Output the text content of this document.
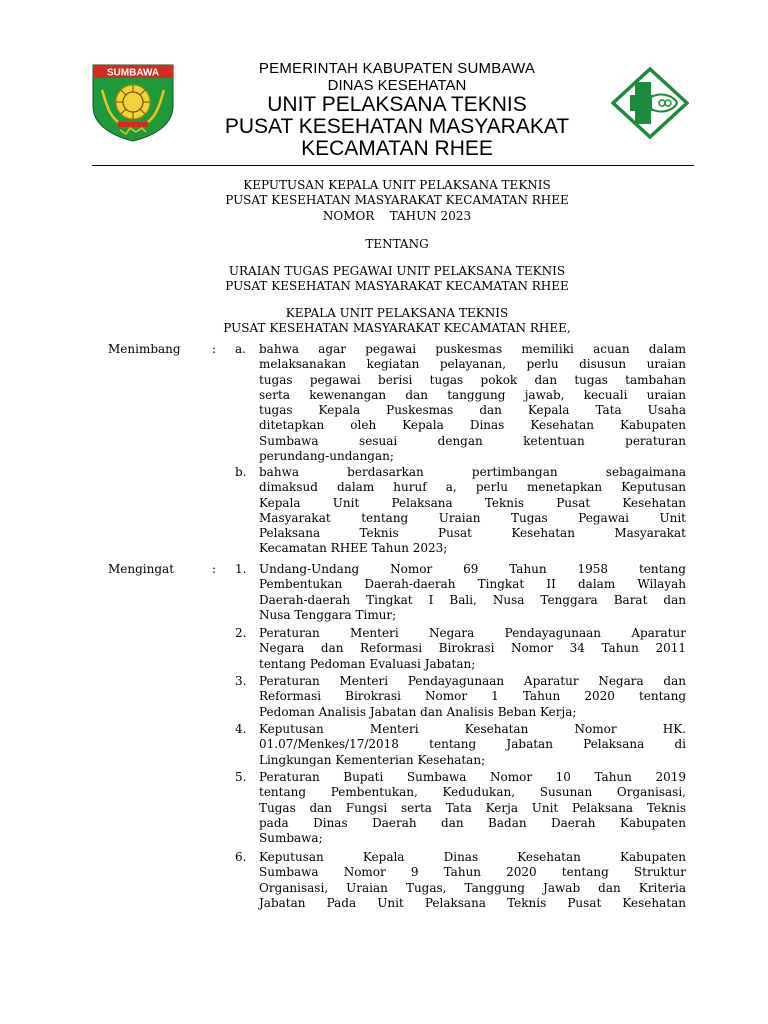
SUMBAWA	PEMERINTAH KABUPATEN SUMBAWA
DINAS KESEHATAN
UNIT PELAKSANA TEKNIS
PUSAT KESEHATAN MASYARAKAT
KECAMATAN RHEE
KEPUTUSAN KEPALA UNIT PELAKSANA TEKNIS
PUSAT KESEHATAN MASYARAKAT KECAMATAN RHEE
NOMOR    TAHUN 2023
TENTANG
URAIAN TUGAS PEGAWAI UNIT PELAKSANA TEKNIS
PUSAT KESEHATAN MASYARAKAT KECAMATAN RHEE
KEPALA UNIT PELAKSANA TEKNIS
PUSAT KESEHATAN MASYARAKAT KECAMATAN RHEE,
Menimbang	: a. bahwa agar pegawai puskesmas memiliki acuan dalam
melaksanakan kegiatan pelayanan, perlu disusun uraian
tugas pegawai berisi tugas pokok dan tugas tambahan
serta kewenangan dan tanggung jawab, kecuali uraian
tugas Kepala Puskesmas dan Kepala Tata Usaha
ditetapkan oleh Kepala Dinas Kesehatan Kabupaten
Sumbawa sesuai dengan ketentuan peraturan
perundang-undangan;
b. bahwa berdasarkan pertimbangan sebagaimana
dimaksud dalam huruf a, perlu menetapkan Keputusan
Kepala Unit Pelaksana Teknis Pusat Kesehatan
Masyarakat tentang Uraian Tugas Pegawai Unit
Pelaksana Teknis Pusat Kesehatan Masyarakat
Kecamatan RHEE Tahun 2023;
Mengingat	: 1. Undang-Undang Nomor 69 Tahun 1958 tentang
Pembentukan Daerah-daerah Tingkat II dalam Wilayah
Daerah-daerah Tingkat I Bali, Nusa Tenggara Barat dan
Nusa Tenggara Timur;
2. Peraturan Menteri Negara Pendayagunaan Aparatur
Negara dan Reformasi Birokrasi Nomor 34 Tahun 2011
tentang Pedoman Evaluasi Jabatan;
3. Peraturan Menteri Pendayagunaan Aparatur Negara dan
Reformasi Birokrasi Nomor 1 Tahun 2020 tentang
Pedoman Analisis Jabatan dan Analisis Beban Kerja;
4. Keputusan Menteri Kesehatan Nomor HK.
01.07/Menkes/17/2018 tentang Jabatan Pelaksana di
Lingkungan Kementerian Kesehatan;
5. Peraturan Bupati Sumbawa Nomor 10 Tahun 2019
tentang Pembentukan, Kedudukan, Susunan Organisasi,
Tugas dan Fungsi serta Tata Kerja Unit Pelaksana Teknis
pada Dinas Daerah dan Badan Daerah Kabupaten
Sumbawa;
6. Keputusan Kepala Dinas Kesehatan Kabupaten
Sumbawa Nomor 9 Tahun 2020 tentang Struktur
Organisasi, Uraian Tugas, Tanggung Jawab dan Kriteria
Jabatan Pada Unit Pelaksana Teknis Pusat Kesehatan
